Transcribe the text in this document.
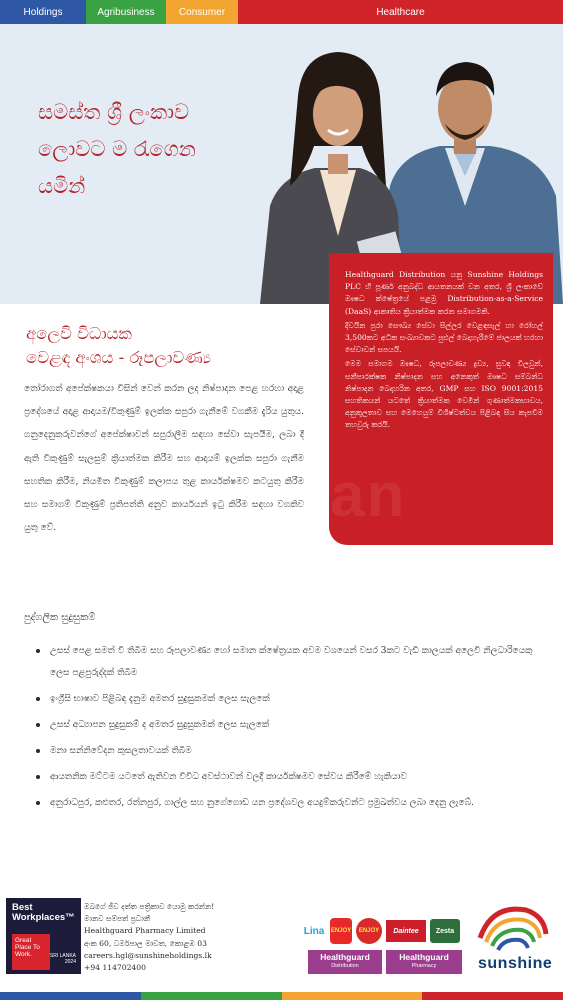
Holdings	Agribusiness	Consumer	Healthcare
සමස්ත ශ්‍රී ලංකාව
ලොවට ම රැගෙන
යමින්

Healthguard Distribution යනු Sunshine Holdings PLC හි පූර්ණ අනුබද්ධ ආයතනයක් වන අතර, ශ්‍රී ලංකාවේ ඖෂධ ක්ෂේත්‍රයේ පළමු Distribution-as-a-Service (DaaS) ආකෘතිය ක්‍රියාත්මක කරන සමාගමකි.

දිවයින පුරා සෞඛ්‍ය සේවා සිල්ලර වෙළඳසැල් හා රෝහල් 3,500කට අධික සංඛ්‍යාවකට පුළුල් බෙදාහැරීමේ ජාලයක් හරහා සේවාවන් සපයයි.

මෙම සමාගම ඖෂධ, රූපලාවණ්‍ය ද්‍රව්‍ය, සුවඳ විලවුන්, සනීපාරක්ෂක නිෂ්පාදන සහ අනෙකුත් ඖෂධ සම්බන්ධ නිෂ්පාදන බෙදාහරින අතර, GMP සහ ISO 9001:2015 සහතිකයන් යටතේ ක්‍රියාත්මක වෙමින් ගුණාත්මකභාවය, අනුකූලතාව සහ මෙහෙයුම් විශිෂ්ටත්වය පිළිබඳ සිය කැපවීම තහවුරු කරයි.

අලෙවි විධායක
වෙළඳ අංශය - රූපලාවණ්‍ය
තෝරාගත් අපේක්ෂකයා විසින් වෙන් කරන ලද නිෂ්පාදන පෙළ හරහා අදාළ ප්‍රදේශයේ අදාළ ආදායම/විකුණුම් ඉලක්ක සපුරා ගැනීමේ වගකීම දැරිය යුතුය. ගනුදෙනුකරුවන්ගේ අපේක්ෂාවන් සපුරාලීම සඳහා සේවා සැපයීම, ලබා දී ඇති විකුණුම් සැලසුම් ක්‍රියාත්මක කිරීම සහ ආදායම් ඉලක්ක සපුරා ගැනීම සහතික කිරීම, නියමිත විකුණුම් කලාපය තුළ කාර්යක්ෂමව කටයුතු කිරීම සහ සමාගම් විකුණුම් ප්‍රතිපත්ති අනුව කාර්යයන් ඉටු කිරීම සඳහා වගකිව යුතු වේ.	an
පුද්ගලික සුදුසුකම්
උසස් පෙළ සමත් වී තිබීම සහ රූපලාවණ්‍ය හෝ සමාන ක්ෂේත්‍රයක අවම වශයෙන් වසර 3කට වැඩි කාලයක් අලෙවි නිලධාරියෙකු ලෙස පළපුරුද්දක් තිබීම
ඉංග්‍රීසි භාෂාව පිළිබඳ දැනුම අමතර සුදුසුකමක් ලෙස සැලකේ
උසස් අධ්‍යාපන සුදුසුකම් ද අමතර සුදුසුකමක් ලෙස සැලකේ
මනා සන්නිවේදන කුසලතාවයක් තිබීම
ආයතනික මට්ටම යටතේ ඇතිවන විවිධ අවස්ථාවන් වලදී කාර්යක්ෂමව සේවය කිරීමේ හැකියාව
අනුරාධපුර, කළුතර, රත්නපුර, ගාල්ල සහ නුගේගොඩ යන ප්‍රදේශවල අයදුම්කරුවන්ට ප්‍රමුඛත්වය ලබා දෙනු ලැබේ.
Best Workplaces™
Great Place To Work.	SRI LANKA
2024
ඔබගේ ජීව දත්ත පත්‍රිකාව යොමු කරන්න!
මානව සම්පත් ප්‍රධානී
Healthguard Pharmacy Limited
අංක 60, ධර්මපාල මාවත, කොළඹ 03
careers.hgl@sunshineholdings.lk
+94 114702400
Lina	ENJOY	ENJOY	Daintee	Zesta
Healthguard
Distribution
Healthguard
Pharmacy	sunshine
